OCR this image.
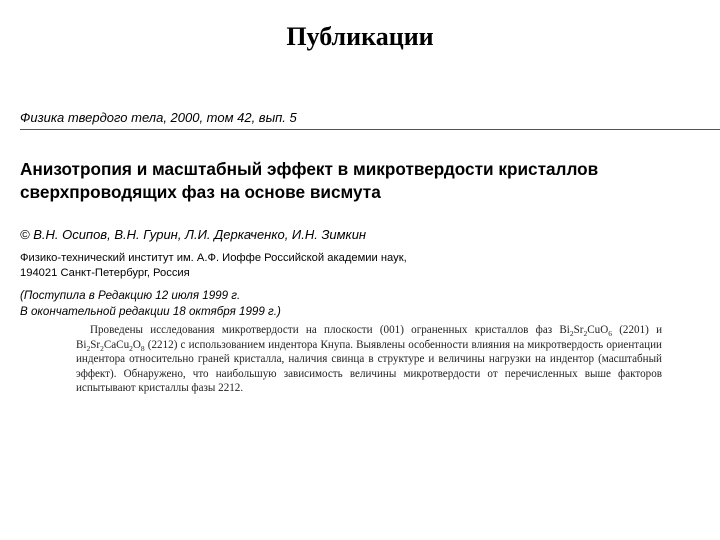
Публикации
Физика твердого тела, 2000, том 42, вып. 5
Анизотропия и масштабный эффект в микротвердости кристаллов
сверхпроводящих фаз на основе висмута
© В.Н. Осипов, В.Н. Гурин, Л.И. Деркаченко, И.Н. Зимкин
Физико-технический институт им. А.Ф. Иоффе Российской академии наук,
194021 Санкт-Петербург, Россия
(Поступила в Редакцию 12 июля 1999 г.
В окончательной редакции 18 октября 1999 г.)
Проведены исследования микротвердости на плоскости (001) ограненных кристаллов фаз $Bi_2Sr_2CuO_6$ (2201) и $Bi_2Sr_2CaCu_2O_8$ (2212) с использованием индентора Кнупа. Выявлены особенности влияния на микротвердость ориентации индентора относительно граней кристалла, наличия свинца в структуре и величины нагрузки на индентор (масштабный эффект). Обнаружено, что наибольшую зависимость величины микротвердости от перечисленных выше факторов испытывают кристаллы фазы 2212.
